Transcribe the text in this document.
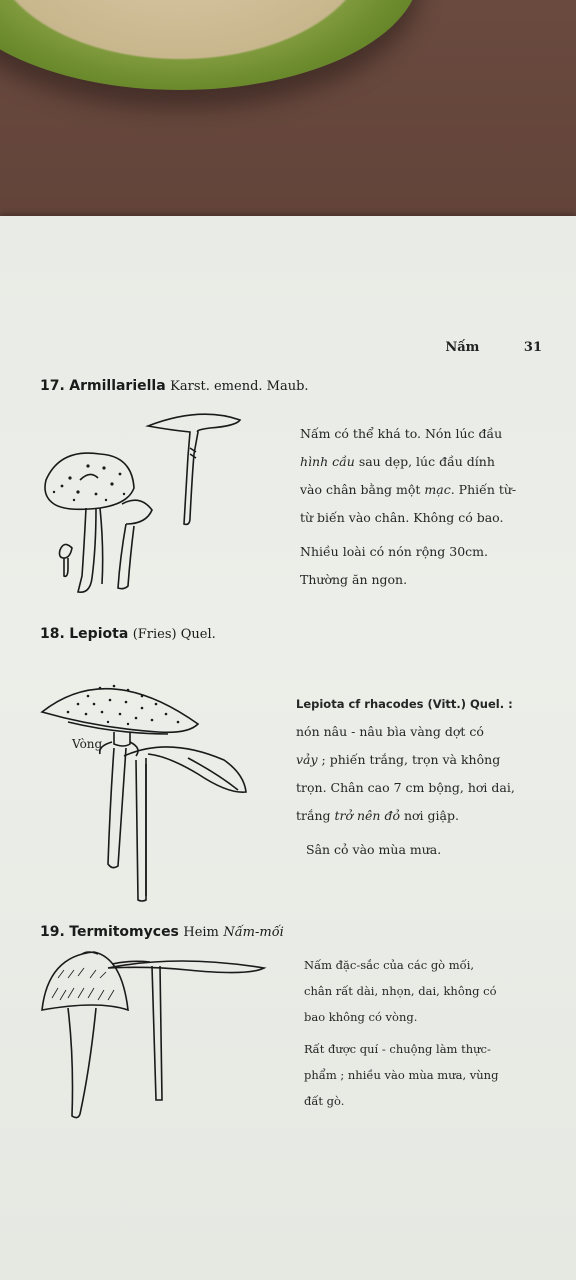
Nấm	31
17. Armillariella Karst. emend. Maub.

Nấm có thể khá to. Nón lúc đầu

hình cầu sau dẹp, lúc đầu dính

vào chân bằng một mạc. Phiến từ-

từ biến vào chân. Không có bao.

Nhiều loài có nón rộng 30cm.

Thường ăn ngon.

18. Lepiota (Fries) Quel.
Vòng

Lepiota cf rhacodes (Vitt.) Quel. :

nón nâu - nâu bìa vàng dợt có

vảy ; phiến trắng, trọn và không

trọn. Chân cao 7 cm bộng, hơi dai,

trắng trở nên đỏ nơi giập.

Sân cỏ vào mùa mưa.

19. Termitomyces Heim Nấm-mối

Nấm đặc-sắc của các gò mối,

chân rất dài, nhọn, dai, không có

bao không có vòng.

Rất được quí - chuộng làm thực-

phẩm ; nhiều vào mùa mưa, vùng

đất gò.
